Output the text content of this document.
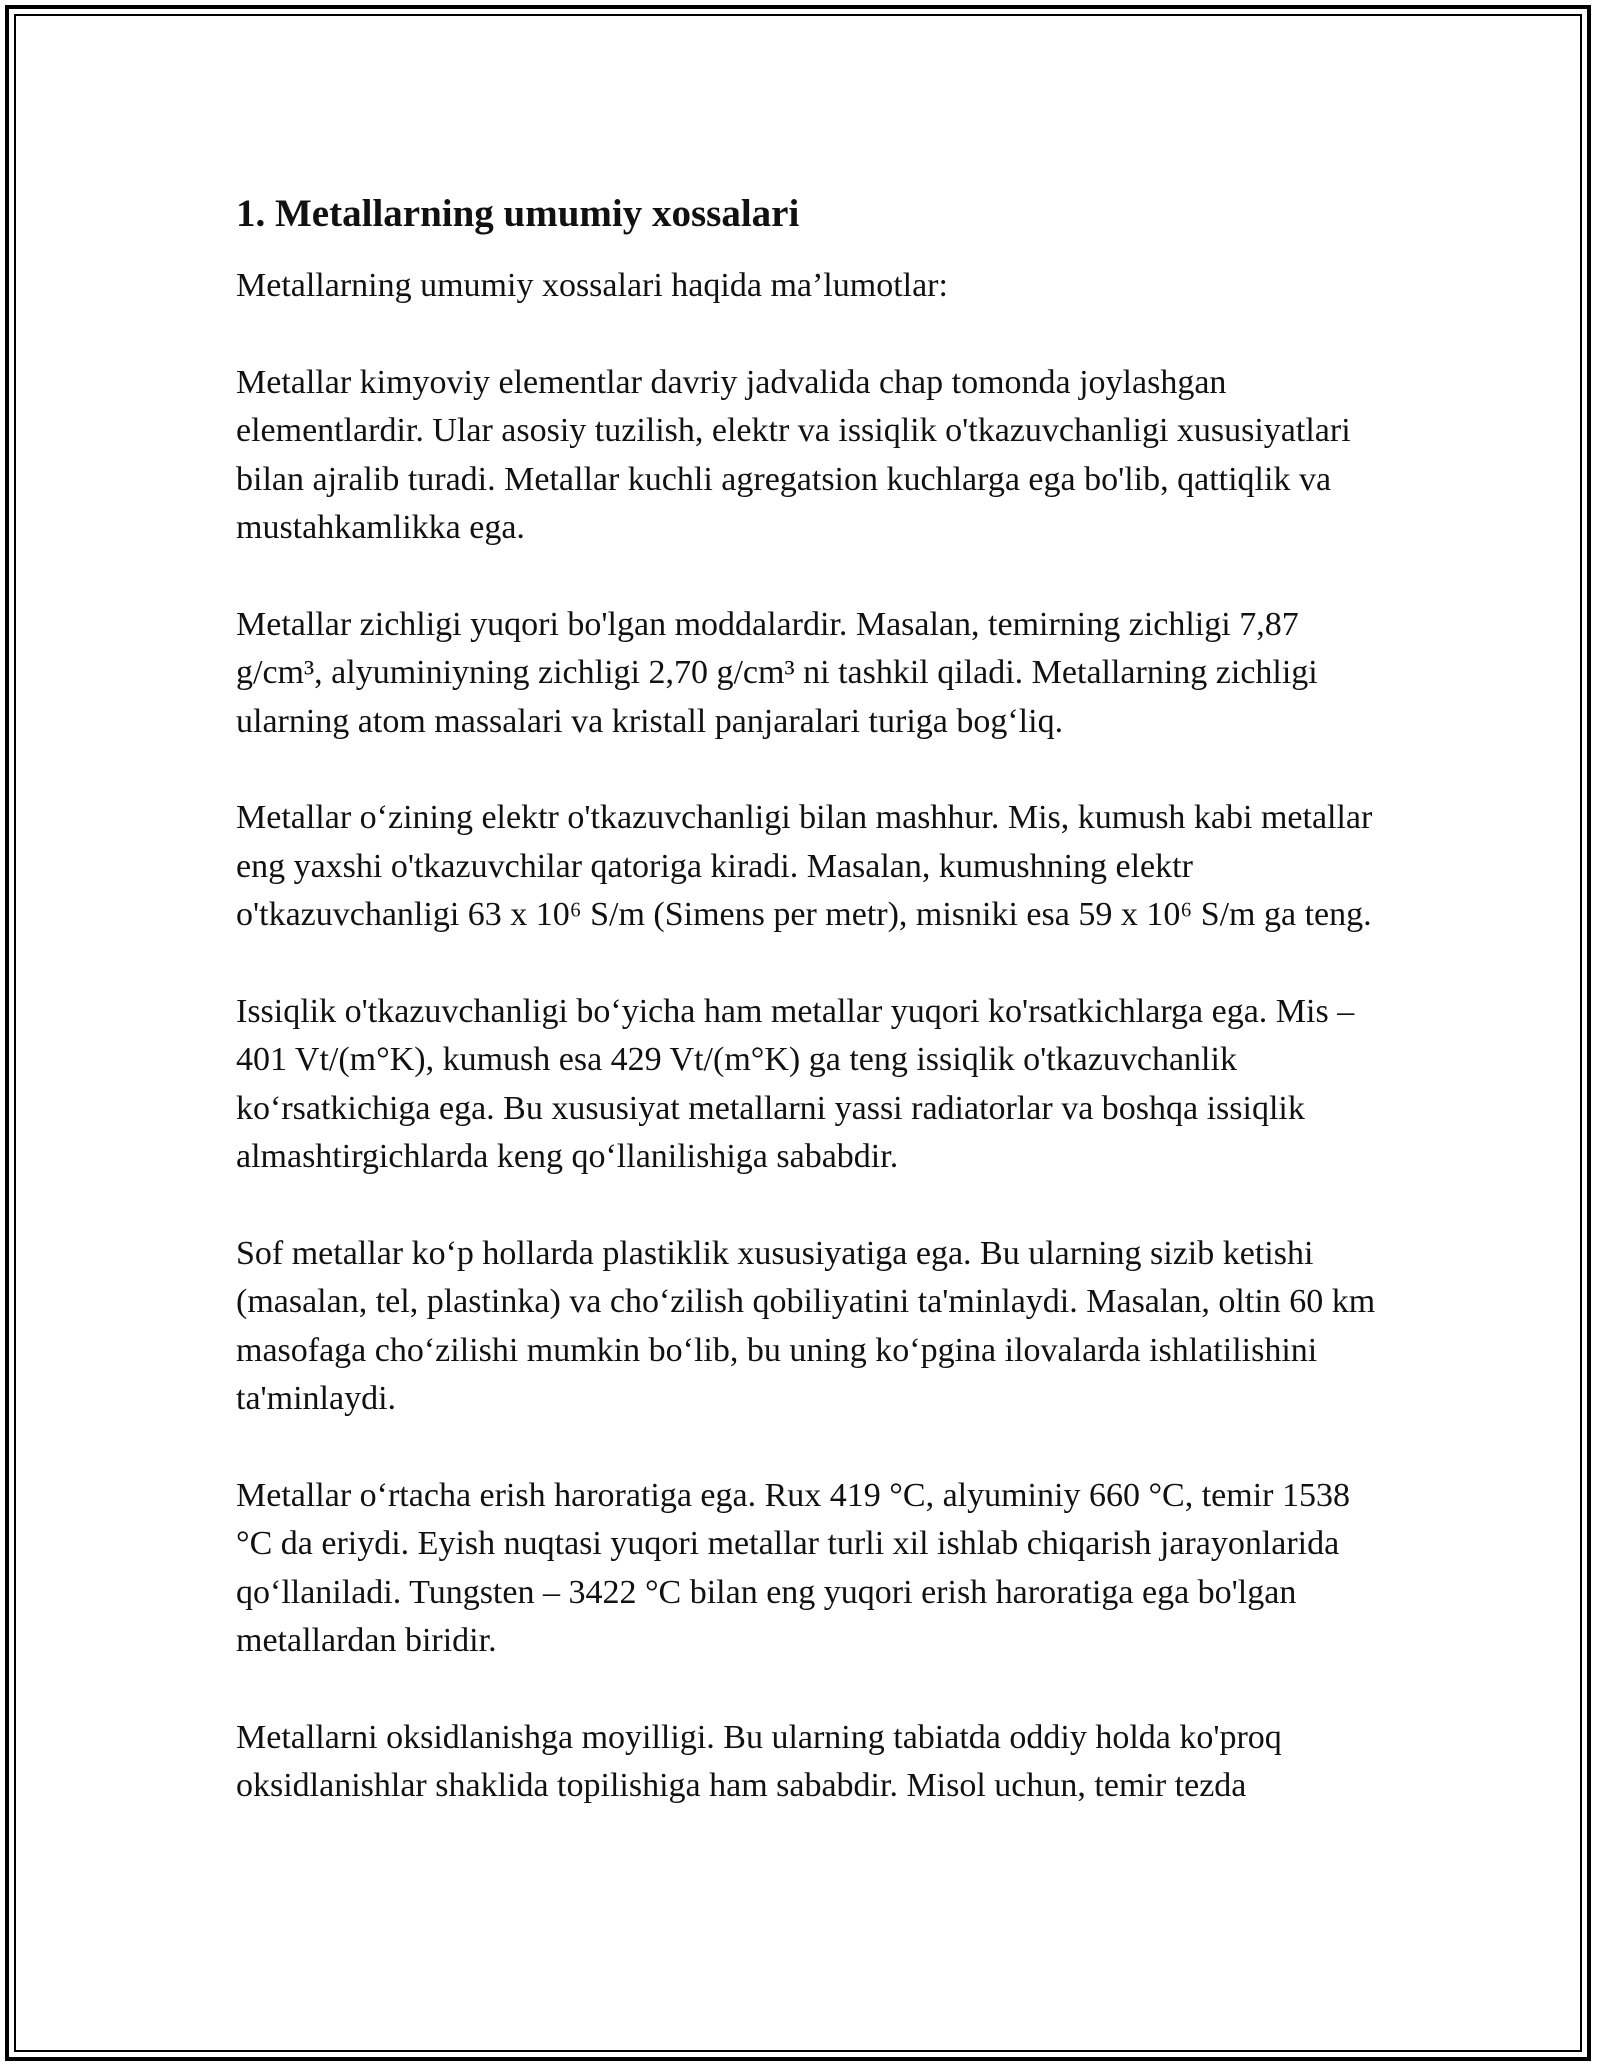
1. Metallarning umumiy xossalari

Metallarning umumiy xossalari haqida ma’lumotlar:

Metallar kimyoviy elementlar davriy jadvalida chap tomonda joylashgan elementlardir. Ular asosiy tuzilish, elektr va issiqlik o'tkazuvchanligi xususiyatlari bilan ajralib turadi. Metallar kuchli agregatsion kuchlarga ega bo'lib, qattiqlik va mustahkamlikka ega.

Metallar zichligi yuqori bo'lgan moddalardir. Masalan, temirning zichligi 7,87 g/cm³, alyuminiyning zichligi 2,70 g/cm³ ni tashkil qiladi. Metallarning zichligi ularning atom massalari va kristall panjaralari turiga bog‘liq.

Metallar o‘zining elektr o'tkazuvchanligi bilan mashhur. Mis, kumush kabi metallar eng yaxshi o'tkazuvchilar qatoriga kiradi. Masalan, kumushning elektr o'tkazuvchanligi 63 x 10⁶ S/m (Simens per metr), misniki esa 59 x 10⁶ S/m ga teng.

Issiqlik o'tkazuvchanligi bo‘yicha ham metallar yuqori ko'rsatkichlarga ega. Mis – 401 Vt/(m°K), kumush esa 429 Vt/(m°K) ga teng issiqlik o'tkazuvchanlik ko‘rsatkichiga ega. Bu xususiyat metallarni yassi radiatorlar va boshqa issiqlik almashtirgichlarda keng qo‘llanilishiga sababdir.

Sof metallar ko‘p hollarda plastiklik xususiyatiga ega. Bu ularning sizib ketishi (masalan, tel, plastinka) va cho‘zilish qobiliyatini ta'minlaydi. Masalan, oltin 60 km masofaga cho‘zilishi mumkin bo‘lib, bu uning ko‘pgina ilovalarda ishlatilishini ta'minlaydi.

Metallar o‘rtacha erish haroratiga ega. Rux 419 °C, alyuminiy 660 °C, temir 1538 °C da eriydi. Eyish nuqtasi yuqori metallar turli xil ishlab chiqarish jarayonlarida qo‘llaniladi. Tungsten – 3422 °C bilan eng yuqori erish haroratiga ega bo'lgan metallardan biridir.

Metallarni oksidlanishga moyilligi. Bu ularning tabiatda oddiy holda ko'proq oksidlanishlar shaklida topilishiga ham sababdir. Misol uchun, temir tezda
